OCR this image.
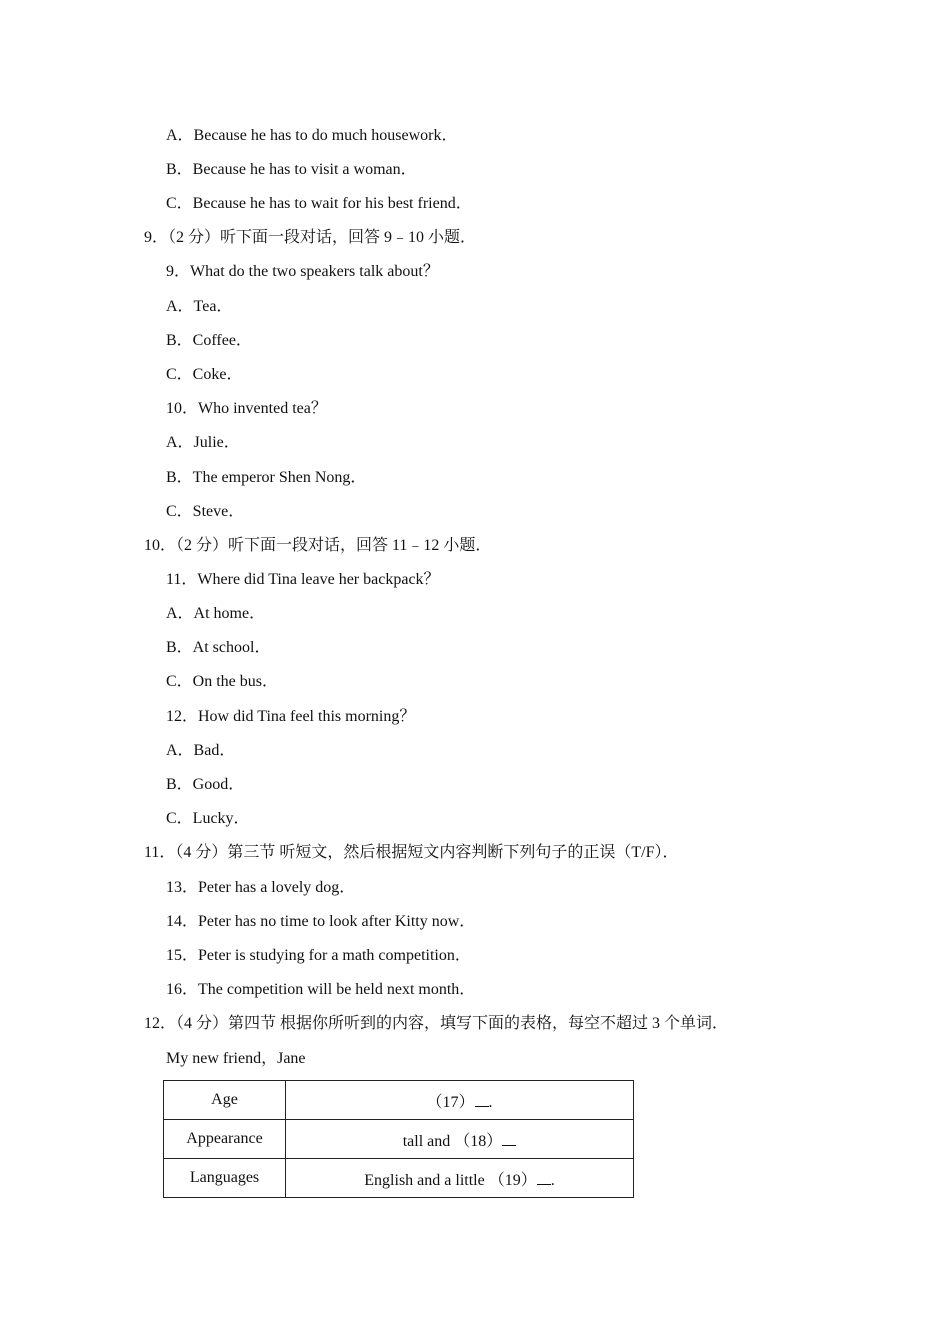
A．Because he has to do much housework．
B．Because he has to visit a woman．
C．Because he has to wait for his best friend．
9．（2 分）听下面一段对话，回答 9﹣10 小题．
9．What do the two speakers talk about？
A．Tea．
B．Coffee．
C．Coke．
10．Who invented tea？
A．Julie．
B．The emperor Shen Nong．
C．Steve．
10．（2 分）听下面一段对话，回答 11﹣12 小题．
11．Where did Tina leave her backpack？
A．At home．
B．At school．
C．On the bus．
12．How did Tina feel this morning？
A．Bad．
B．Good．
C．Lucky．
11．（4 分）第三节 听短文，然后根据短文内容判断下列句子的正误（T/F）．
13．Peter has a lovely dog．
14．Peter has no time to look after Kitty now．
15．Peter is studying for a math competition．
16．The competition will be held next month．
12．（4 分）第四节 根据你所听到的内容，填写下面的表格，每空不超过 3 个单词．
My new friend，Jane
Age	（17） .
Appearance	tall and （18）
Languages	English and a little （19） .
